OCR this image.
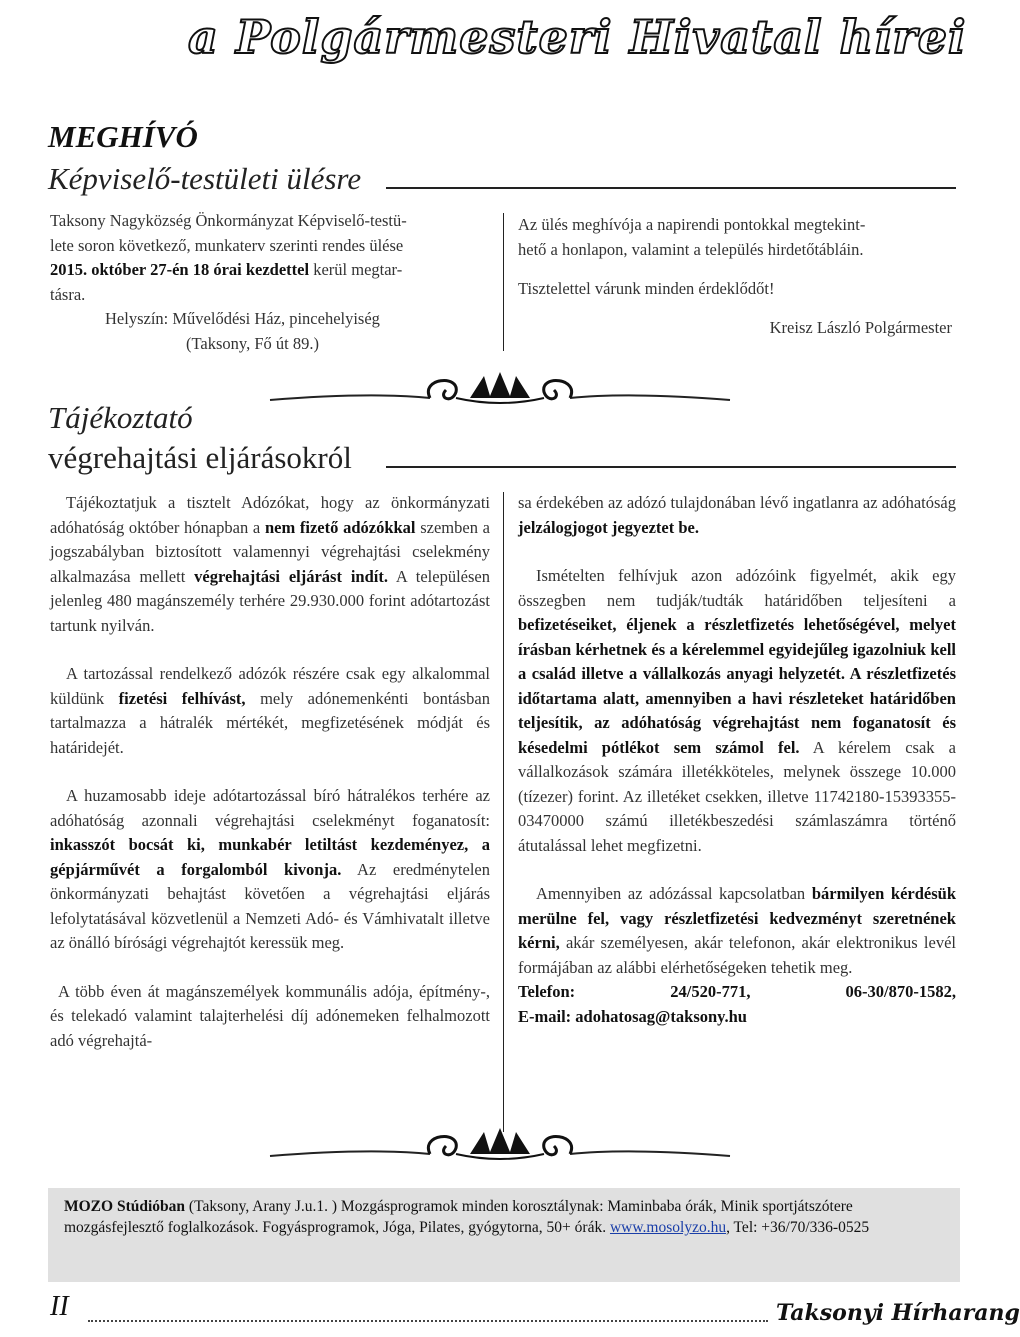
a Polgármesteri Hivatal hírei
MEGHÍVÓ
Képviselő-testületi ülésre
Taksony Nagyközség Önkormányzat Képviselő-testü-
lete soron következő, munkaterv szerinti rendes ülése
2015. október 27-én 18 órai kezdettel kerül megtar-
tásra.
Helyszín: Művelődési Ház, pincehelyiség
(Taksony, Fő út 89.)
Az ülés meghívója a napirendi pontokkal megtekint-
hető a honlapon, valamint a település hirdetőtábláin.
Tisztelettel várunk minden érdeklődőt!
Kreisz László Polgármester
Tájékoztató
végrehajtási eljárásokról
Tájékoztatjuk a tisztelt Adózókat, hogy az önkormányzati adóhatóság október hónapban a nem fizető adózókkal szemben a jogszabályban biztosított valamennyi végrehajtási cselekmény alkalmazása mellett végrehajtási eljárást indít. A településen jelenleg 480 magánszemély terhére 29.930.000 forint adótartozást tartunk nyilván.
A tartozással rendelkező adózók részére csak egy alkalommal küldünk fizetési felhívást, mely adónemenkénti bontásban tartalmazza a hátralék mértékét, megfizetésének módját és határidejét.
A huzamosabb ideje adótartozással bíró hátralékos terhére az adóhatóság azonnali végrehajtási cselekményt foganatosít: inkasszót bocsát ki, munkabér letiltást kezdeményez, a gépjárművét a forgalomból kivonja. Az eredménytelen önkormányzati behajtást követően a végrehajtási eljárás lefolytatásával közvetlenül a Nemzeti Adó- és Vámhivatalt illetve az önálló bírósági végrehajtót keressük meg.
A több éven át magánszemélyek kommunális adója, építmény-, és telekadó valamint talajterhelési díj adónemeken felhalmozott adó végrehajtá-
sa érdekében az adózó tulajdonában lévő ingatlanra az adóhatóság jelzálogjogot jegyeztet be.
Ismételten felhívjuk azon adózóink figyelmét, akik egy összegben nem tudják/tudták határidőben teljesíteni a befizetéseiket, éljenek a részletfizetés lehetőségével, melyet írásban kérhetnek és a kérelemmel egyidejűleg igazolniuk kell a család illetve a vállalkozás anyagi helyzetét. A részletfizetés időtartama alatt, amennyiben a havi részleteket határidőben teljesítik, az adóhatóság végrehajtást nem foganatosít és késedelmi pótlékot sem számol fel. A kérelem csak a vállalkozások számára illetékköteles, melynek összege 10.000 (tízezer) forint. Az illetéket csekken, illetve 11742180-15393355-03470000 számú illetékbeszedési számlaszámra történő átutalással lehet megfizetni.
Amennyiben az adózással kapcsolatban bármilyen kérdésük merülne fel, vagy részletfizetési kedvezményt szeretnének kérni, akár személyesen, akár telefonon, akár elektronikus levél formájában az alábbi elérhetőségeken tehetik meg.
Telefon:	24/520-771,	06-30/870-1582,
E-mail: adohatosag@taksony.hu
MOZO Stúdióban (Taksony, Arany J.u.1. ) Mozgásprogramok minden korosztálynak: Maminbaba órák, Minik sportjátszótere mozgásfejlesztő foglalkozások. Fogyásprogramok, Jóga, Pilates, gyógytorna, 50+ órák. www.mosolyzo.hu, Tel: +36/70/336-0525
II	Taksonyi Hírharang
